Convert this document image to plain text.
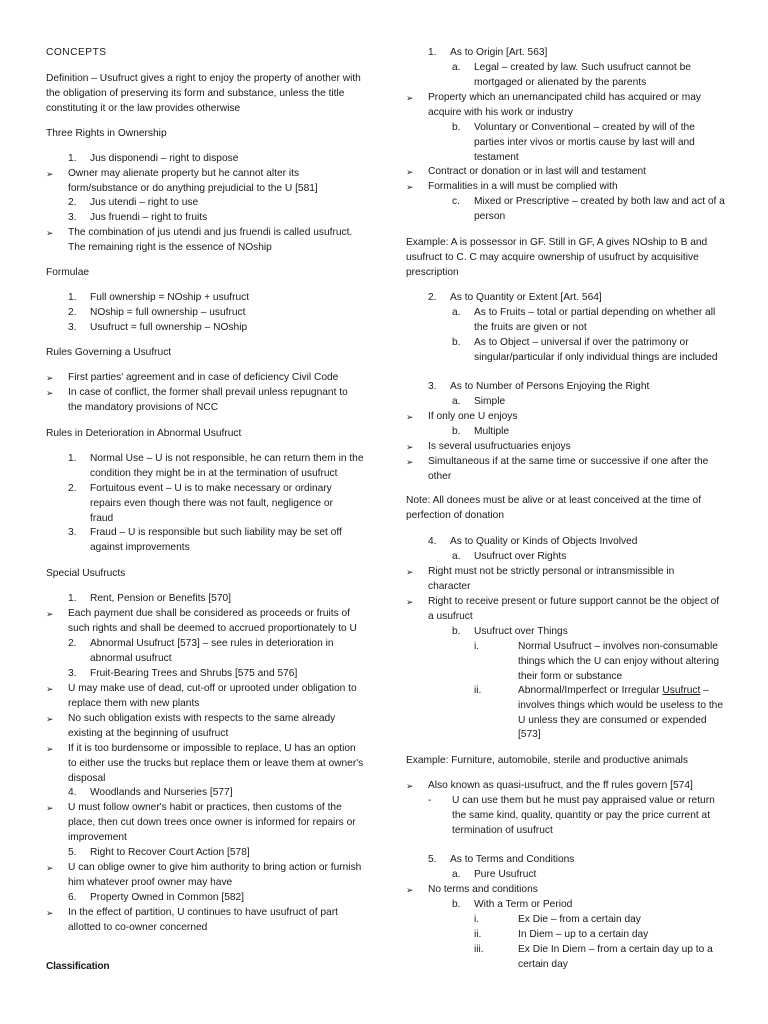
CONCEPTS
Definition – Usufruct gives a right to enjoy the property of another with the obligation of preserving its form and substance, unless the title constituting it or the law provides otherwise
Three Rights in Ownership
1. Jus disponendi – right to dispose
➢ Owner may alienate property but he cannot alter its form/substance or do anything prejudicial to the U [581]
2. Jus utendi – right to use
3. Jus fruendi – right to fruits
➢ The combination of jus utendi and jus fruendi is called usufruct. The remaining right is the essence of NOship
Formulae
1. Full ownership = NOship + usufruct
2. NOship = full ownership – usufruct
3. Usufruct = full ownership – NOship
Rules Governing a Usufruct
➢ First parties' agreement and in case of deficiency Civil Code
➢ In case of conflict, the former shall prevail unless repugnant to the mandatory provisions of NCC
Rules in Deterioration in Abnormal Usufruct
1. Normal Use – U is not responsible, he can return them in the condition they might be in at the termination of usufruct
2. Fortuitous event – U is to make necessary or ordinary repairs even though there was not fault, negligence or fraud
3. Fraud – U is responsible but such liability may be set off against improvements
Special Usufructs
1. Rent, Pension or Benefits [570]
➢ Each payment due shall be considered as proceeds or fruits of such rights and shall be deemed to accrued proportionately to U
2. Abnormal Usufruct [573] – see rules in deterioration in abnormal usufruct
3. Fruit-Bearing Trees and Shrubs [575 and 576]
➢ U may make use of dead, cut-off or uprooted under obligation to replace them with new plants
➢ No such obligation exists with respects to the same already existing at the beginning of usufruct
➢ If it is too burdensome or impossible to replace, U has an option to either use the trucks but replace them or leave them at owner's disposal
4. Woodlands and Nurseries [577]
➢ U must follow owner's habit or practices, then customs of the place, then cut down trees once owner is informed for repairs or improvement
5. Right to Recover Court Action [578]
➢ U can oblige owner to give him authority to bring action or furnish him whatever proof owner may have
6. Property Owned in Common [582]
➢ In the effect of partition, U continues to have usufruct of part allotted to co-owner concerned
Classification
1. As to Origin [Art. 563]
a. Legal – created by law. Such usufruct cannot be mortgaged or alienated by the parents
➢ Property which an unemancipated child has acquired or may acquire with his work or industry
b. Voluntary or Conventional – created by will of the parties inter vivos or mortis cause by last will and testament
➢ Contract or donation or in last will and testament
➢ Formalities in a will must be complied with
c. Mixed or Prescriptive – created by both law and act of a person
Example: A is possessor in GF. Still in GF, A gives NOship to B and usufruct to C. C may acquire ownership of usufruct by acquisitive prescription
2. As to Quantity or Extent [Art. 564]
a. As to Fruits – total or partial depending on whether all the fruits are given or not
b. As to Object – universal if over the patrimony or singular/particular if only individual things are included
3. As to Number of Persons Enjoying the Right
a. Simple
➢ If only one U enjoys
b. Multiple
➢ Is several usufructuaries enjoys
➢ Simultaneous if at the same time or successive if one after the other
Note: All donees must be alive or at least conceived at the time of perfection of donation
4. As to Quality or Kinds of Objects Involved
a. Usufruct over Rights
➢ Right must not be strictly personal or intransmissible in character
➢ Right to receive present or future support cannot be the object of a usufruct
b. Usufruct over Things
i.	Normal Usufruct – involves non-consumable things which the U can enjoy without altering their form or substance
ii.	Abnormal/Imperfect or Irregular Usufruct – involves things which would be useless to the U unless they are consumed or expended [573]
Example: Furniture, automobile, sterile and productive animals
➢ Also known as quasi-usufruct, and the ff rules govern [574]
- U can use them but he must pay appraised value or return the same kind, quality, quantity or pay the price current at termination of usufruct
5. As to Terms and Conditions
a. Pure Usufruct
➢ No terms and conditions
b. With a Term or Period
i.	Ex Die – from a certain day
ii.	In Diem – up to a certain day
iii.	Ex Die In Diem – from a certain day up to a certain day
